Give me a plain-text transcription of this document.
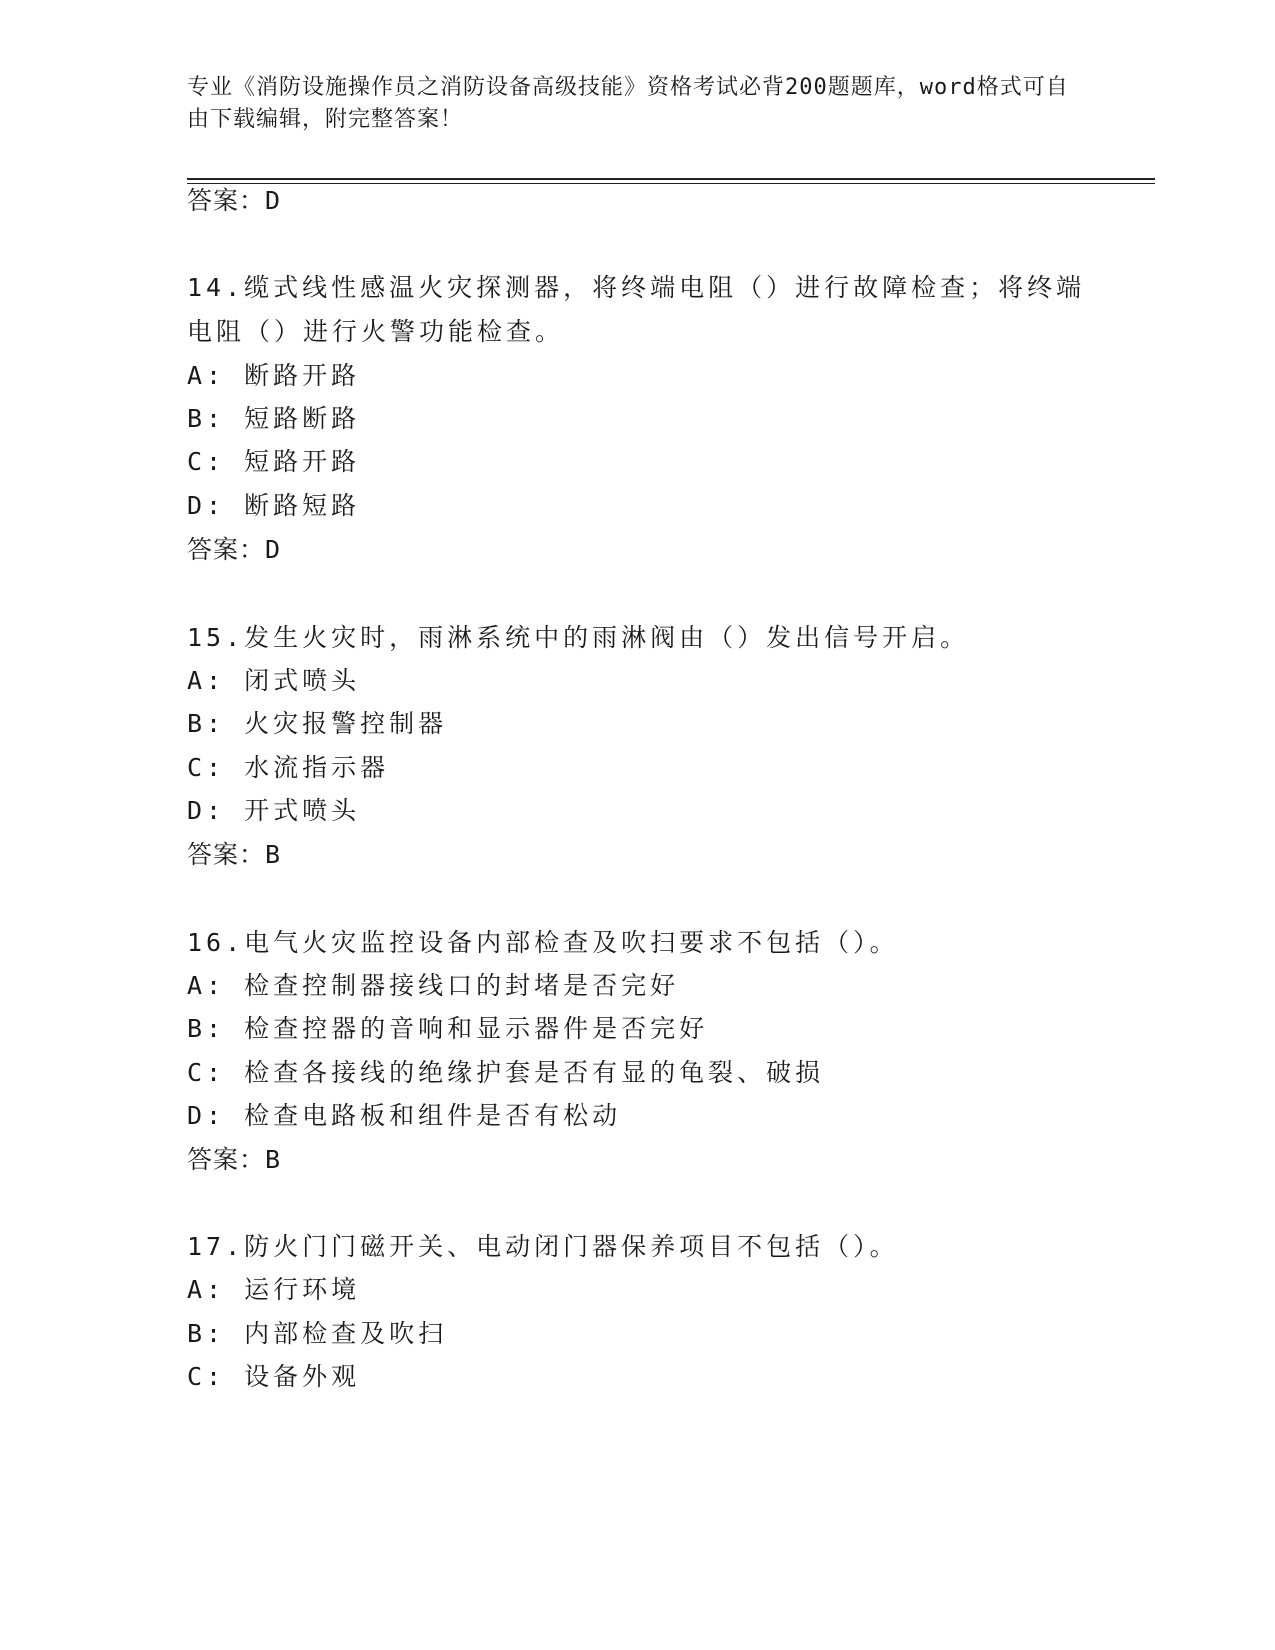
专业《消防设施操作员之消防设备高级技能》资格考试必背200题题库，word格式可自由下载编辑，附完整答案！
答案：D
14.缆式线性感温火灾探测器，将终端电阻（）进行故障检查；将终端
电阻（）进行火警功能检查。
A: 断路开路
B: 短路断路
C: 短路开路
D: 断路短路
答案：D
15.发生火灾时，雨淋系统中的雨淋阀由（）发出信号开启。
A: 闭式喷头
B: 火灾报警控制器
C: 水流指示器
D: 开式喷头
答案：B
16.电气火灾监控设备内部检查及吹扫要求不包括（）。
A: 检查控制器接线口的封堵是否完好
B: 检查控器的音响和显示器件是否完好
C: 检查各接线的绝缘护套是否有显的龟裂、破损
D: 检查电路板和组件是否有松动
答案：B
17.防火门门磁开关、电动闭门器保养项目不包括（）。
A: 运行环境
B: 内部检查及吹扫
C: 设备外观
